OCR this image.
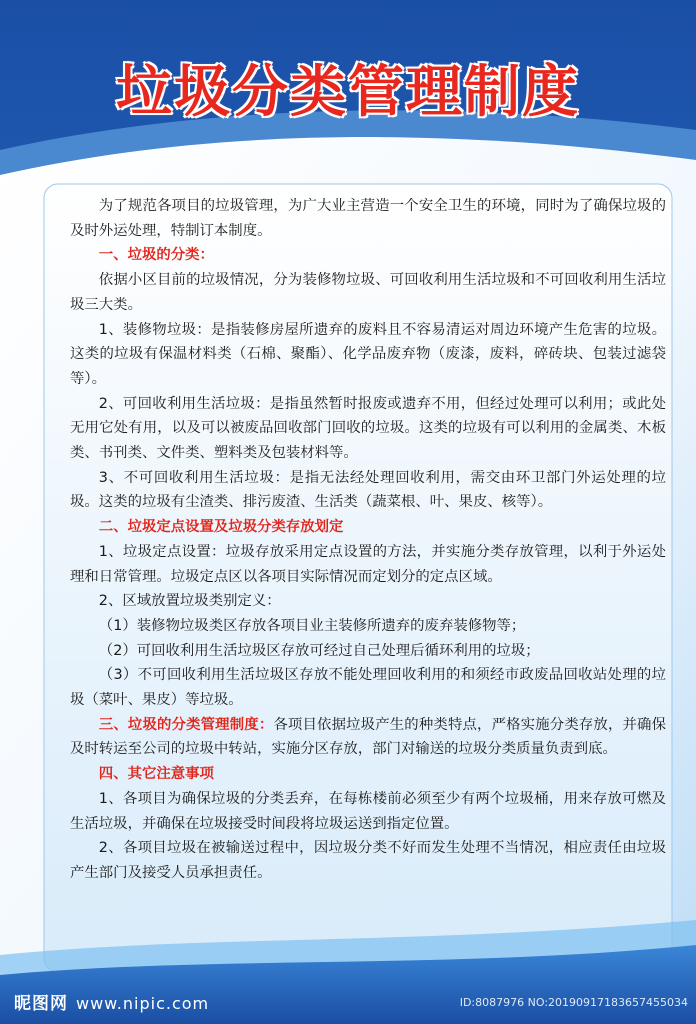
垃圾分类管理制度

为了规范各项目的垃圾管理，为广大业主营造一个安全卫生的环境，同时为了确保垃圾的及时外运处理，特制订本制度。

一、垃圾的分类：

依据小区目前的垃圾情况，分为装修物垃圾、可回收利用生活垃圾和不可回收利用生活垃圾三大类。

1、装修物垃圾：是指装修房屋所遗弃的废料且不容易清运对周边环境产生危害的垃圾。这类的垃圾有保温材料类（石棉、聚酯）、化学品废弃物（废漆，废料，碎砖块、包装过滤袋等）。

2、可回收利用生活垃圾：是指虽然暂时报废或遗弃不用，但经过处理可以利用；或此处无用它处有用，以及可以被废品回收部门回收的垃圾。这类的垃圾有可以利用的金属类、木板类、书刊类、文件类、塑料类及包装材料等。

3、不可回收利用生活垃圾：是指无法经处理回收利用，需交由环卫部门外运处理的垃圾。这类的垃圾有尘渣类、排污废渣、生活类（蔬菜根、叶、果皮、核等）。

二、垃圾定点设置及垃圾分类存放划定

1、垃圾定点设置：垃圾存放采用定点设置的方法，并实施分类存放管理，以利于外运处理和日常管理。垃圾定点区以各项目实际情况而定划分的定点区域。

2、区域放置垃圾类别定义：

（1）装修物垃圾类区存放各项目业主装修所遗弃的废弃装修物等；

（2）可回收利用生活垃圾区存放可经过自己处理后循环利用的垃圾；

（3）不可回收利用生活垃圾区存放不能处理回收利用的和须经市政废品回收站处理的垃圾（菜叶、果皮）等垃圾。

三、垃圾的分类管理制度：各项目依据垃圾产生的种类特点，严格实施分类存放，并确保及时转运至公司的垃圾中转站，实施分区存放，部门对输送的垃圾分类质量负责到底。

四、其它注意事项

1、各项目为确保垃圾的分类丢弃，在每栋楼前必须至少有两个垃圾桶，用来存放可燃及生活垃圾，并确保在垃圾接受时间段将垃圾运送到指定位置。

2、各项目垃圾在被输送过程中，因垃圾分类不好而发生处理不当情况，相应责任由垃圾产生部门及接受人员承担责任。

昵图网 www.nipic.com	ID:8087976 NO:20190917183657455034
